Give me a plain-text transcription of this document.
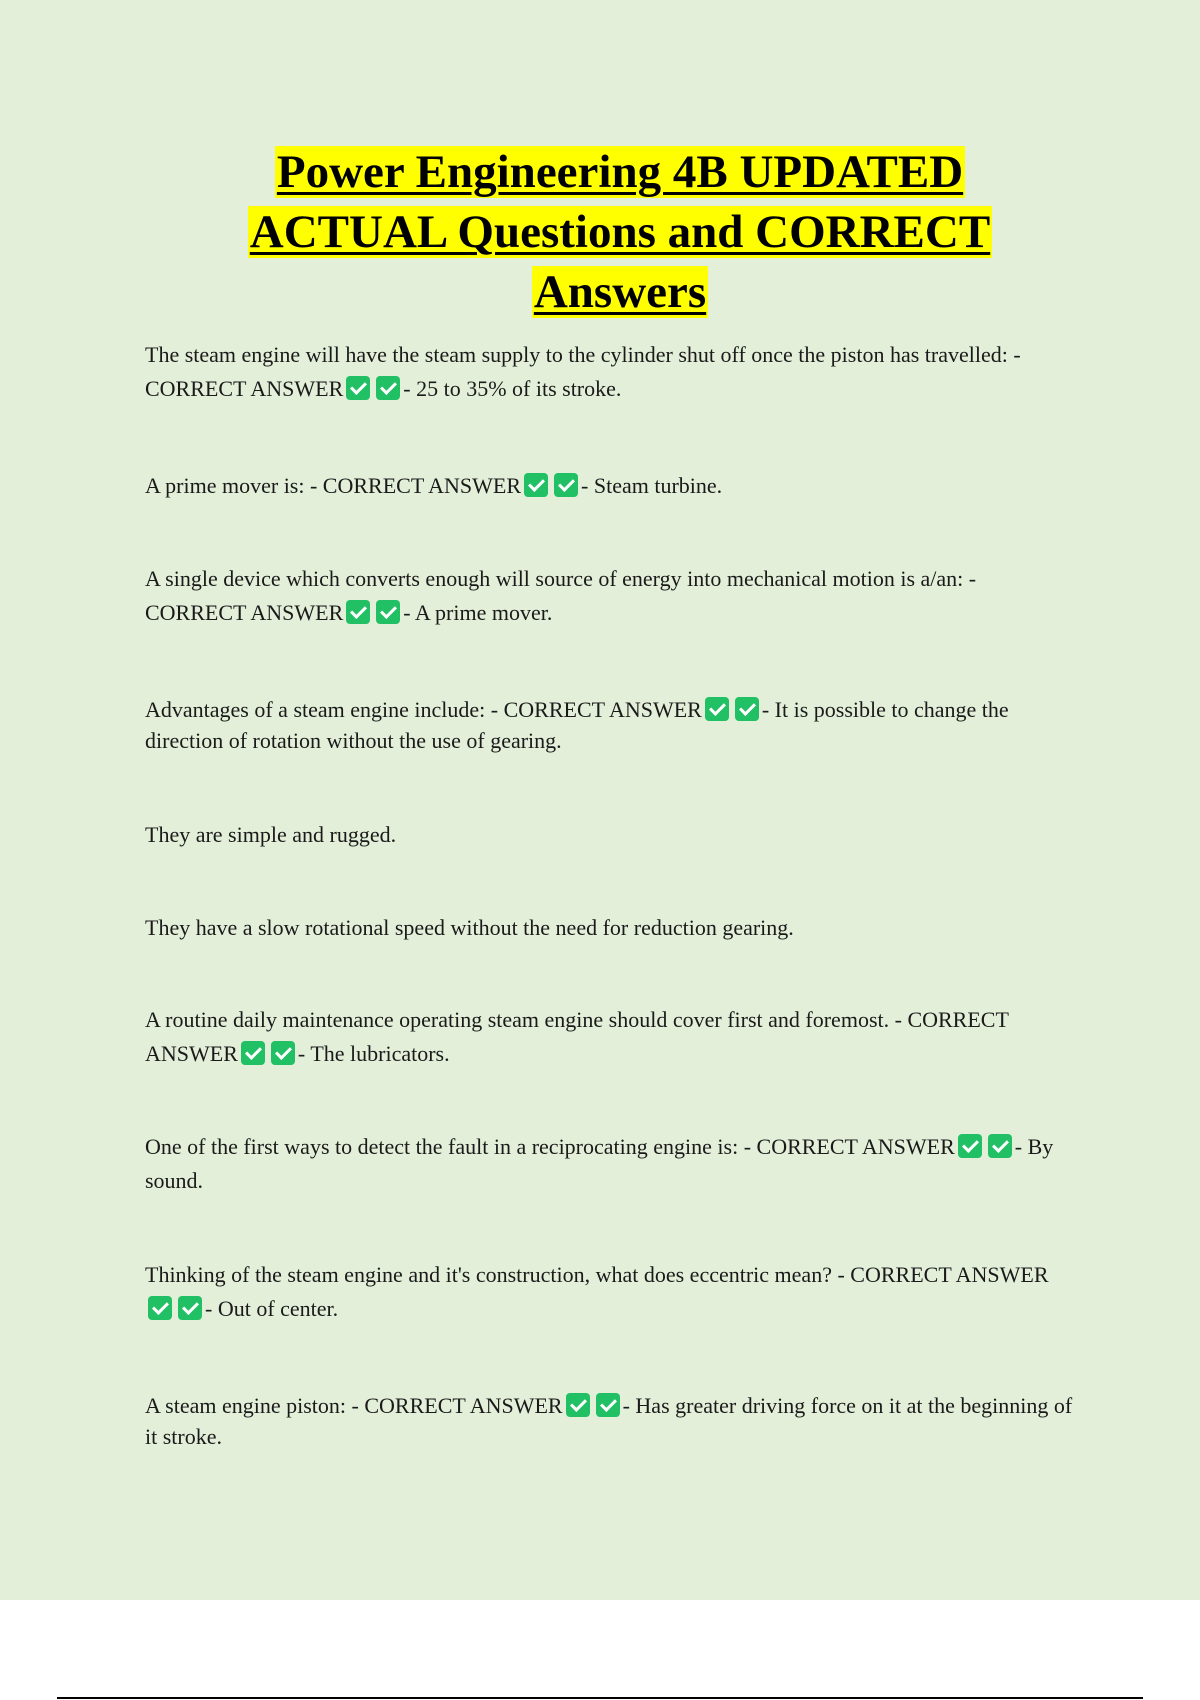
Power Engineering 4B UPDATED
ACTUAL Questions and CORRECT
Answers

The steam engine will have the steam supply to the cylinder shut off once the piston has travelled: - CORRECT ANSWER	- 25 to 35% of its stroke.

A prime mover is: - CORRECT ANSWER	- Steam turbine.

A single device which converts enough will source of energy into mechanical motion is a/an: - CORRECT ANSWER	- A prime mover.

Advantages of a steam engine include: - CORRECT ANSWER	- It is possible to change the direction of rotation without the use of gearing.

They are simple and rugged.

They have a slow rotational speed without the need for reduction gearing.

A routine daily maintenance operating steam engine should cover first and foremost. - CORRECT ANSWER	- The lubricators.

One of the first ways to detect the fault in a reciprocating engine is: - CORRECT ANSWER	- By sound.

Thinking of the steam engine and it's construction, what does eccentric mean? - CORRECT ANSWER- Out of center.

A steam engine piston: - CORRECT ANSWER	- Has greater driving force on it at the beginning of it stroke.
